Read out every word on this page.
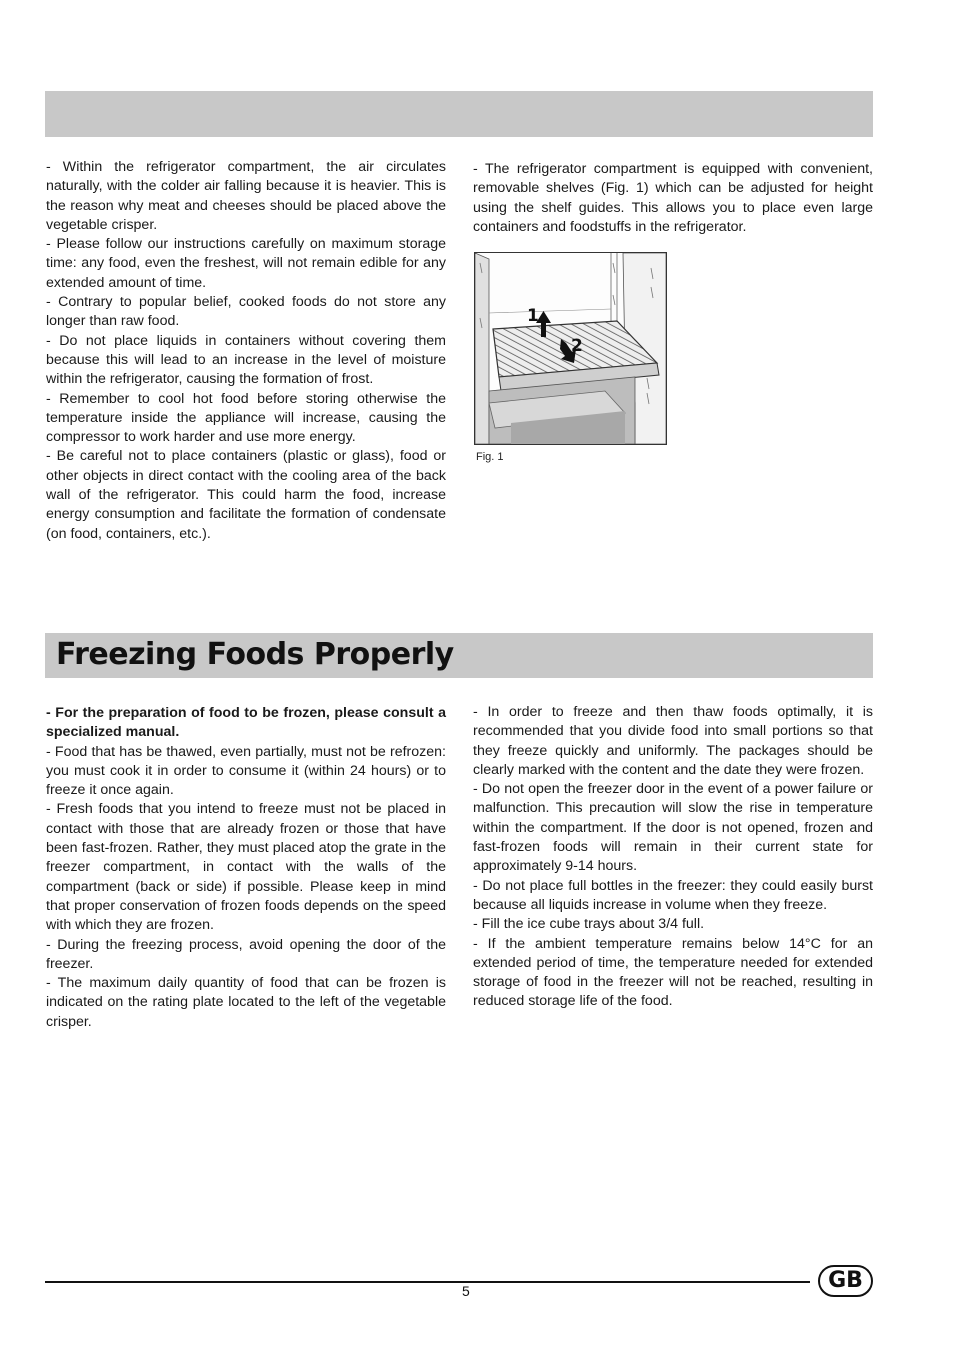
- Within the refrigerator compartment, the air circulates naturally, with the colder air falling because it is heavier. This is the reason why meat and cheeses should be placed above the vegetable crisper.

- Please follow our instructions carefully on maximum storage time: any food, even the freshest, will not remain edible for any extended amount of time.

- Contrary to popular belief, cooked foods do not store any longer than raw food.

- Do not place liquids in containers without covering them because this will lead to an increase in the level of moisture within the refrigerator, causing the formation of frost.

- Remember to cool hot food before storing otherwise the temperature inside the appliance will increase, causing the compressor to work harder and use more energy.

- Be careful not to place containers (plastic or glass), food or other objects in direct contact with the cooling area of the back wall of the refrigerator. This could harm the food, increase energy consumption and facilitate the formation of condensate (on food, containers, etc.).

- The refrigerator compartment is equipped with convenient, removable shelves (Fig. 1) which can be adjusted for height using the shelf guides. This allows you to place even large containers and foodstuffs in the refrigerator.

1
2
Fig. 1
Freezing Foods Properly

- For the preparation of food to be frozen, please consult a specialized manual.

- Food that has be thawed, even partially, must not be refrozen: you must cook it in order to consume it (within 24 hours) or to freeze it once again.

- Fresh foods that you intend to freeze must not be placed in contact with those that are already frozen or those that have been fast-frozen. Rather, they must placed atop the grate in the freezer compartment, in contact with the walls of the compartment (back or side) if possible. Please keep in mind that proper conservation of frozen foods depends on the speed with which they are frozen.

- During the freezing process, avoid opening the door of the freezer.

- The maximum daily quantity of food that can be frozen is indicated on the rating plate located to the left of the vegetable crisper.

- In order to freeze and then thaw foods optimally, it is recommended that you divide food into small portions so that they freeze quickly and uniformly. The packages should be clearly marked with the content and the date they were frozen.

- Do not open the freezer door in the event of a power failure or malfunction. This precaution will slow the rise in temperature within the compartment. If the door is not opened, frozen and fast-frozen foods will remain in their current state for approximately 9-14 hours.

- Do not place full bottles in the freezer: they could easily burst because all liquids increase in volume when they freeze.

- Fill the ice cube trays about 3/4 full.

- If the ambient temperature remains below 14°C for an extended period of time, the temperature needed for extended storage of food in the freezer will not be reached, resulting in reduced storage life of the food.

5	GB
